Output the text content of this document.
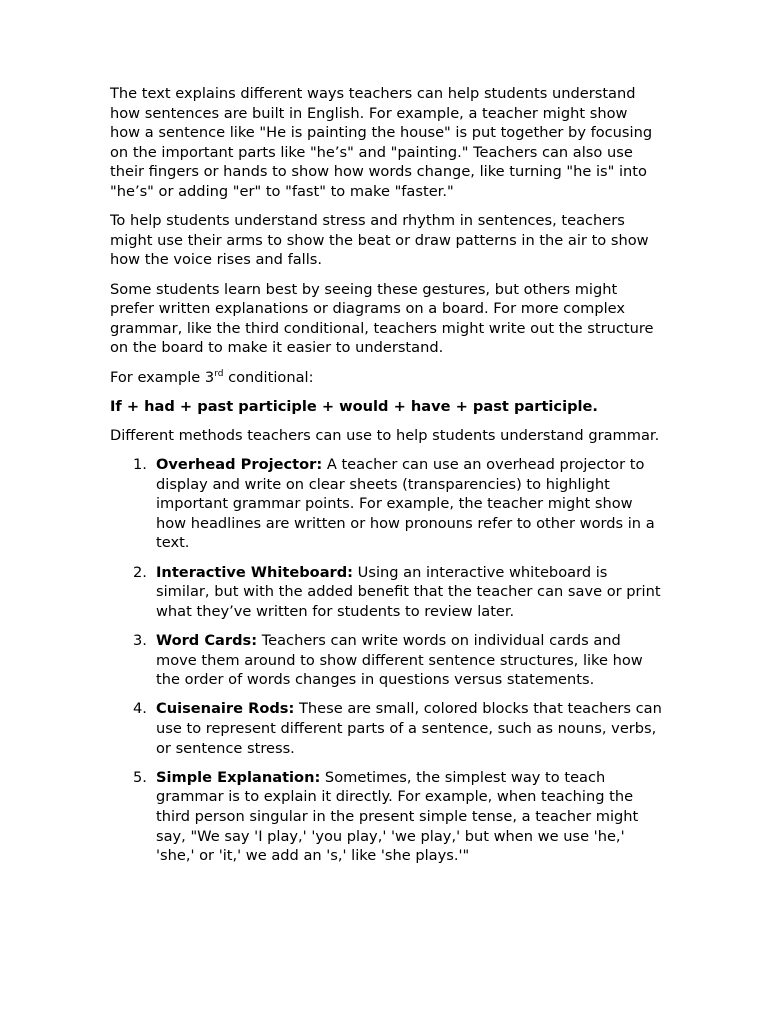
The text explains different ways teachers can help students understand how sentences are built in English. For example, a teacher might show how a sentence like "He is painting the house" is put together by focusing on the important parts like "he’s" and "painting." Teachers can also use their fingers or hands to show how words change, like turning "he is" into "he’s" or adding "er" to "fast" to make "faster."

To help students understand stress and rhythm in sentences, teachers might use their arms to show the beat or draw patterns in the air to show how the voice rises and falls.

Some students learn best by seeing these gestures, but others might prefer written explanations or diagrams on a board. For more complex grammar, like the third conditional, teachers might write out the structure on the board to make it easier to understand.

For example 3rd conditional:

If + had + past participle + would + have + past participle.

Different methods teachers can use to help students understand grammar.

1. Overhead Projector: A teacher can use an overhead projector to display and write on clear sheets (transparencies) to highlight important grammar points. For example, the teacher might show how headlines are written or how pronouns refer to other words in a text.
2. Interactive Whiteboard: Using an interactive whiteboard is similar, but with the added benefit that the teacher can save or print what they’ve written for students to review later.
3. Word Cards: Teachers can write words on individual cards and move them around to show different sentence structures, like how the order of words changes in questions versus statements.
4. Cuisenaire Rods: These are small, colored blocks that teachers can use to represent different parts of a sentence, such as nouns, verbs, or sentence stress.
5. Simple Explanation: Sometimes, the simplest way to teach grammar is to explain it directly. For example, when teaching the third person singular in the present simple tense, a teacher might say, "We say 'I play,' 'you play,' 'we play,' but when we use 'he,' 'she,' or 'it,' we add an 's,' like 'she plays.'"
